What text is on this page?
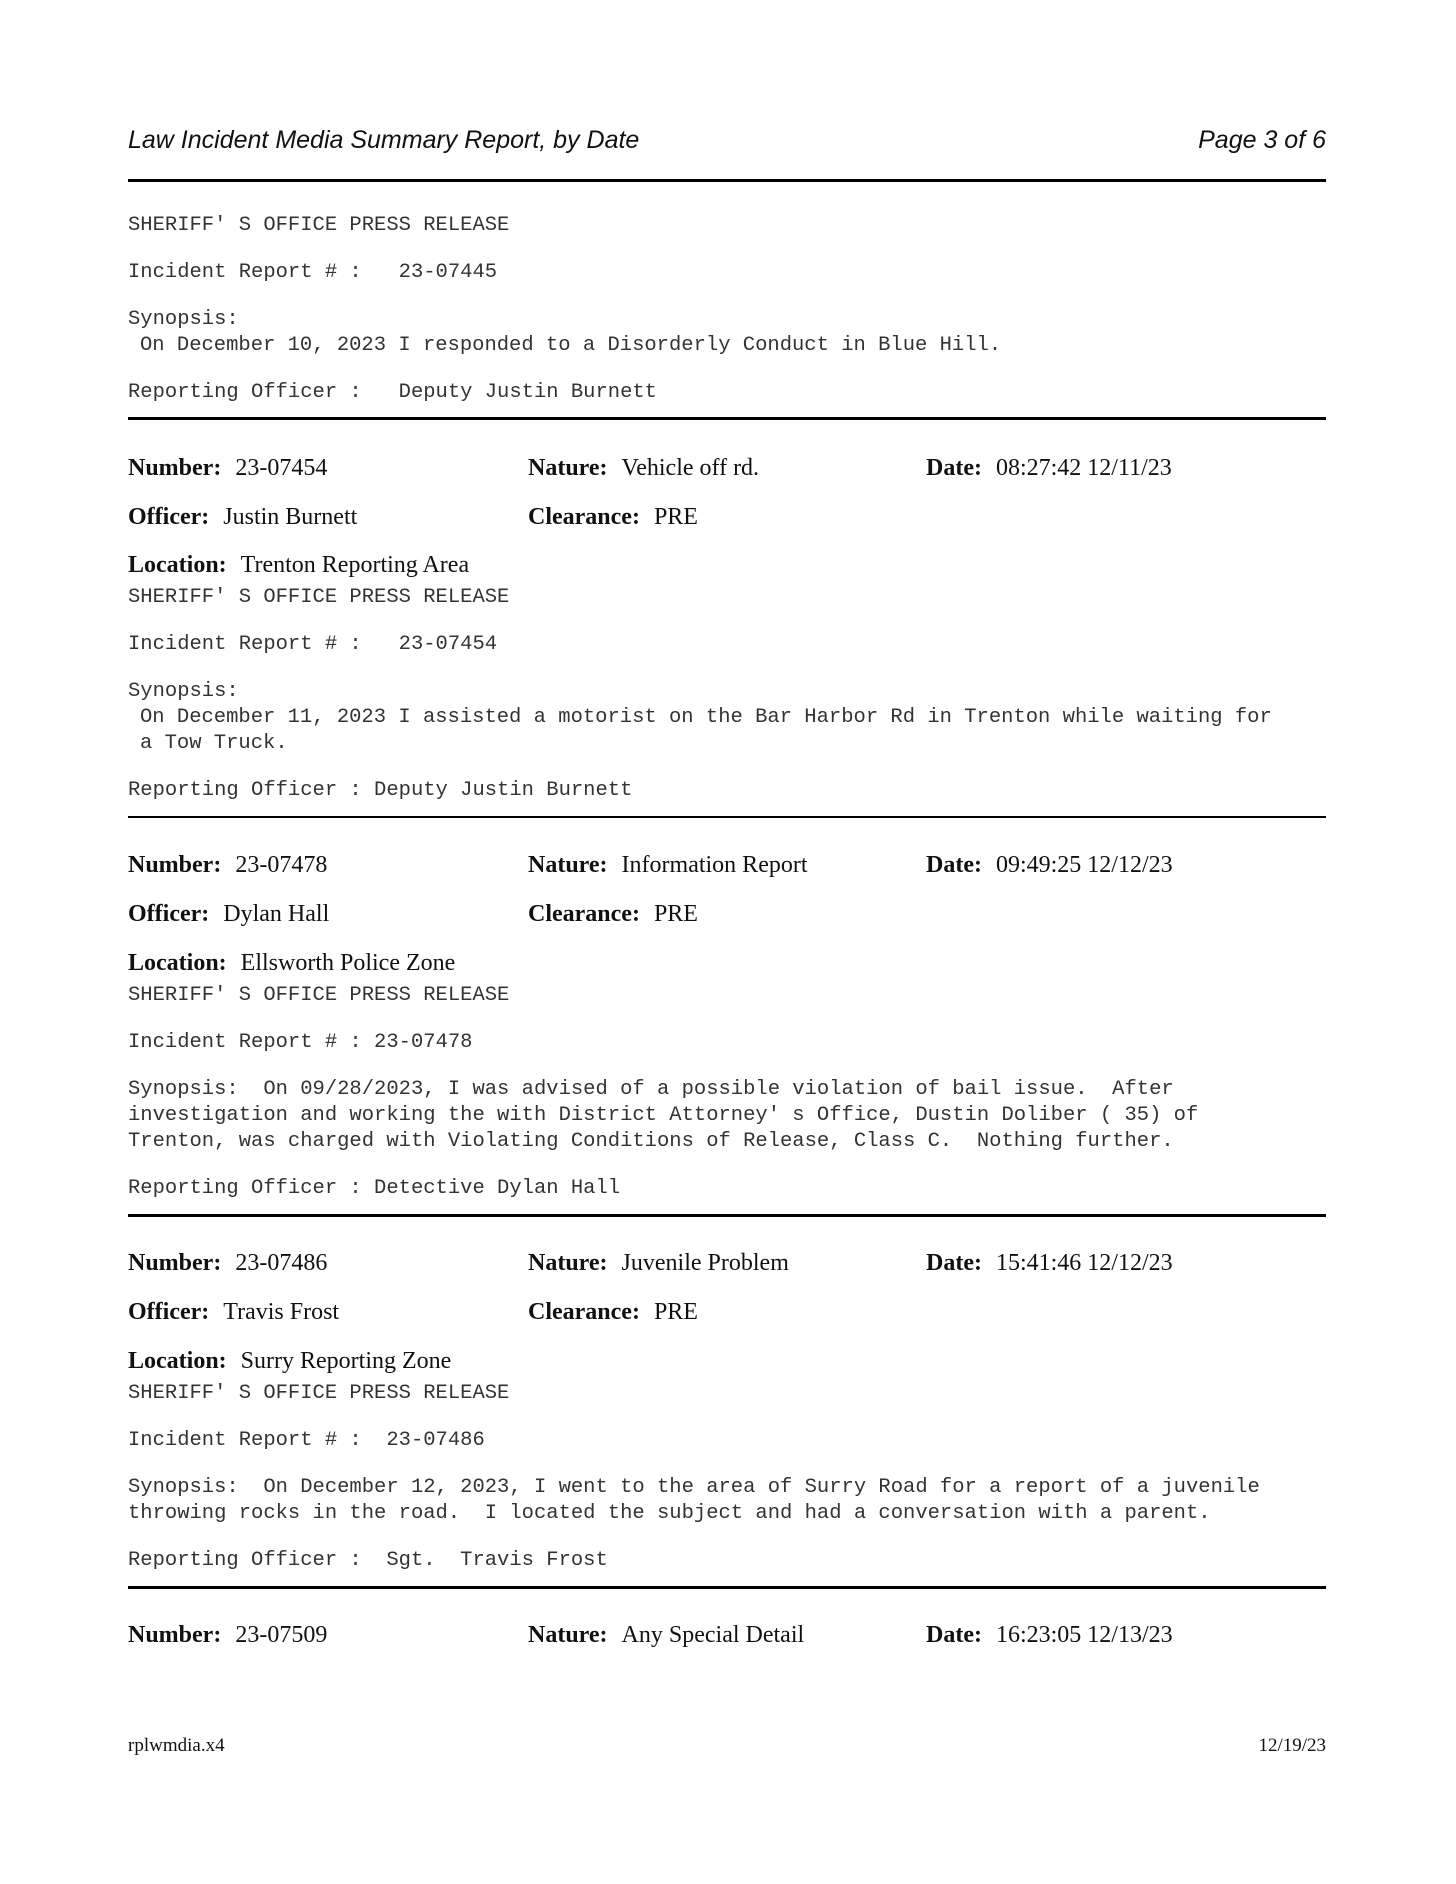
Law Incident Media Summary Report, by Date	Page 3 of 6
SHERIFF' S OFFICE PRESS RELEASE
Incident Report # :   23-07445
Synopsis:
On December 10, 2023 I responded to a Disorderly Conduct in Blue Hill.
Reporting Officer :   Deputy Justin Burnett
Number: 23-07454	Nature: Vehicle off rd.	Date: 08:27:42 12/11/23
Officer: Justin Burnett	Clearance: PRE
Location: Trenton Reporting Area
SHERIFF' S OFFICE PRESS RELEASE
Incident Report # :   23-07454
Synopsis:
On December 11, 2023 I assisted a motorist on the Bar Harbor Rd in Trenton while waiting for
a Tow Truck.
Reporting Officer : Deputy Justin Burnett
Number: 23-07478	Nature: Information Report	Date: 09:49:25 12/12/23
Officer: Dylan Hall	Clearance: PRE
Location: Ellsworth Police Zone
SHERIFF' S OFFICE PRESS RELEASE
Incident Report # : 23-07478
Synopsis:  On 09/28/2023, I was advised of a possible violation of bail issue.  After
investigation and working the with District Attorney' s Office, Dustin Doliber ( 35) of
Trenton, was charged with Violating Conditions of Release, Class C.  Nothing further.
Reporting Officer : Detective Dylan Hall
Number: 23-07486	Nature: Juvenile Problem	Date: 15:41:46 12/12/23
Officer: Travis Frost	Clearance: PRE
Location: Surry Reporting Zone
SHERIFF' S OFFICE PRESS RELEASE
Incident Report # :  23-07486
Synopsis:  On December 12, 2023, I went to the area of Surry Road for a report of a juvenile
throwing rocks in the road.  I located the subject and had a conversation with a parent.
Reporting Officer :  Sgt.  Travis Frost
Number: 23-07509	Nature: Any Special Detail	Date: 16:23:05 12/13/23
rplwmdia.x4	12/19/23
